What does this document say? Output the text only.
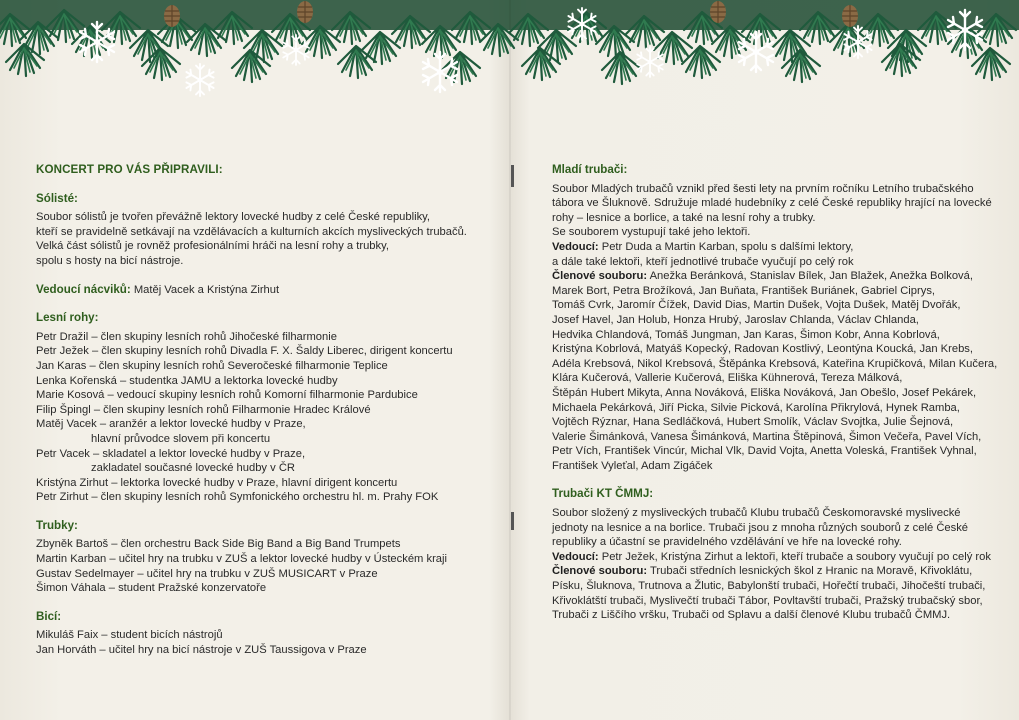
KONCERT PRO VÁS PŘIPRAVILI:
Sólisté:
Soubor sólistů je tvořen převážně lektory lovecké hudby z celé České republiky,
kteří se pravidelně setkávají na vzdělávacích a kulturních akcích mysliveckých trubačů.
Velká část sólistů je rovněž profesionálními hráči na lesní rohy a trubky,
spolu s hosty na bicí nástroje.
Vedoucí nácviků: Matěj Vacek a Kristýna Zirhut
Lesní rohy:
Petr Dražil – člen skupiny lesních rohů Jihočeské filharmonie
Petr Ježek – člen skupiny lesních rohů Divadla F. X. Šaldy Liberec, dirigent koncertu
Jan Karas – člen skupiny lesních rohů Severočeské filharmonie Teplice
Lenka Kořenská – studentka JAMU a lektorka lovecké hudby
Marie Kosová – vedoucí skupiny lesních rohů Komorní filharmonie Pardubice
Filip Špingl – člen skupiny lesních rohů Filharmonie Hradec Králové
Matěj Vacek – aranžér a lektor lovecké hudby v Praze,
hlavní průvodce slovem při koncertu
Petr Vacek – skladatel a lektor lovecké hudby v Praze,
zakladatel současné lovecké hudby v ČR
Kristýna Zirhut – lektorka lovecké hudby v Praze, hlavní dirigent koncertu
Petr Zirhut – člen skupiny lesních rohů Symfonického orchestru hl. m. Prahy FOK
Trubky:
Zbyněk Bartoš – člen orchestru Back Side Big Band a Big Band Trumpets
Martin Karban – učitel hry na trubku v ZUŠ a lektor lovecké hudby v Ústeckém kraji
Gustav Sedelmayer – učitel hry na trubku v ZUŠ MUSICART v Praze
Šimon Váhala – student Pražské konzervatoře
Bicí:
Mikuláš Faix – student bicích nástrojů
Jan Horváth – učitel hry na bicí nástroje v ZUŠ Taussigova v Praze
Mladí trubači:
Soubor Mladých trubačů vznikl před šesti lety na prvním ročníku Letního trubačského
tábora ve Šluknově. Sdružuje mladé hudebníky z celé České republiky hrající na lovecké
rohy – lesnice a borlice, a také na lesní rohy a trubky.
Se souborem vystupují také jeho lektoři.
Vedoucí: Petr Duda a Martin Karban, spolu s dalšími lektory,
a dále také lektoři, kteří jednotlivé trubače vyučují po celý rok
Členové souboru: Anežka Beránková, Stanislav Bílek, Jan Blažek, Anežka Bolková,
Marek Bort, Petra Brožíková, Jan Buňata, František Buriánek, Gabriel Ciprys,
Tomáš Cvrk, Jaromír Čížek, David Dias, Martin Dušek, Vojta Dušek, Matěj Dvořák,
Josef Havel, Jan Holub, Honza Hrubý, Jaroslav Chlanda, Václav Chlanda,
Hedvika Chlandová, Tomáš Jungman, Jan Karas, Šimon Kobr, Anna Kobrlová,
Kristýna Kobrlová, Matyáš Kopecký, Radovan Kostlivý, Leontýna Koucká, Jan Krebs,
Adéla Krebsová, Nikol Krebsová, Štěpánka Krebsová, Kateřina Krupičková, Milan Kučera,
Klára Kučerová, Vallerie Kučerová, Eliška Kühnerová, Tereza Málková,
Štěpán Hubert Mikyta, Anna Nováková, Eliška Nováková, Jan Obešlo, Josef Pekárek,
Michaela Pekárková, Jiří Picka, Silvie Picková, Karolína Přikrylová, Hynek Ramba,
Vojtěch Rýznar, Hana Sedláčková, Hubert Smolík, Václav Svojtka, Julie Šejnová,
Valerie Šimánková, Vanesa Šimánková, Martina Štěpinová, Šimon Večeřa, Pavel Vích,
Petr Vích, František Vincúr, Michal Vlk, David Vojta, Anetta Voleská, František Vyhnal,
František Vyleťal, Adam Zigáček
Trubači KT ČMMJ:
Soubor složený z mysliveckých trubačů Klubu trubačů Českomoravské myslivecké
jednoty na lesnice a na borlice. Trubači jsou z mnoha různých souborů z celé České
republiky a účastní se pravidelného vzdělávání ve hře na lovecké rohy.
Vedoucí: Petr Ježek, Kristýna Zirhut a lektoři, kteří trubače a soubory vyučují po celý rok
Členové souboru: Trubači středních lesnických škol z Hranic na Moravě, Křivoklátu,
Písku, Šluknova, Trutnova a Žlutic, Babylonští trubači, Hořečtí trubači, Jihočeští trubači,
Křivoklátští trubači, Myslivečtí trubači Tábor, Povltavští trubači, Pražský trubačský sbor,
Trubači z Liščího vršku, Trubači od Splavu a další členové Klubu trubačů ČMMJ.
